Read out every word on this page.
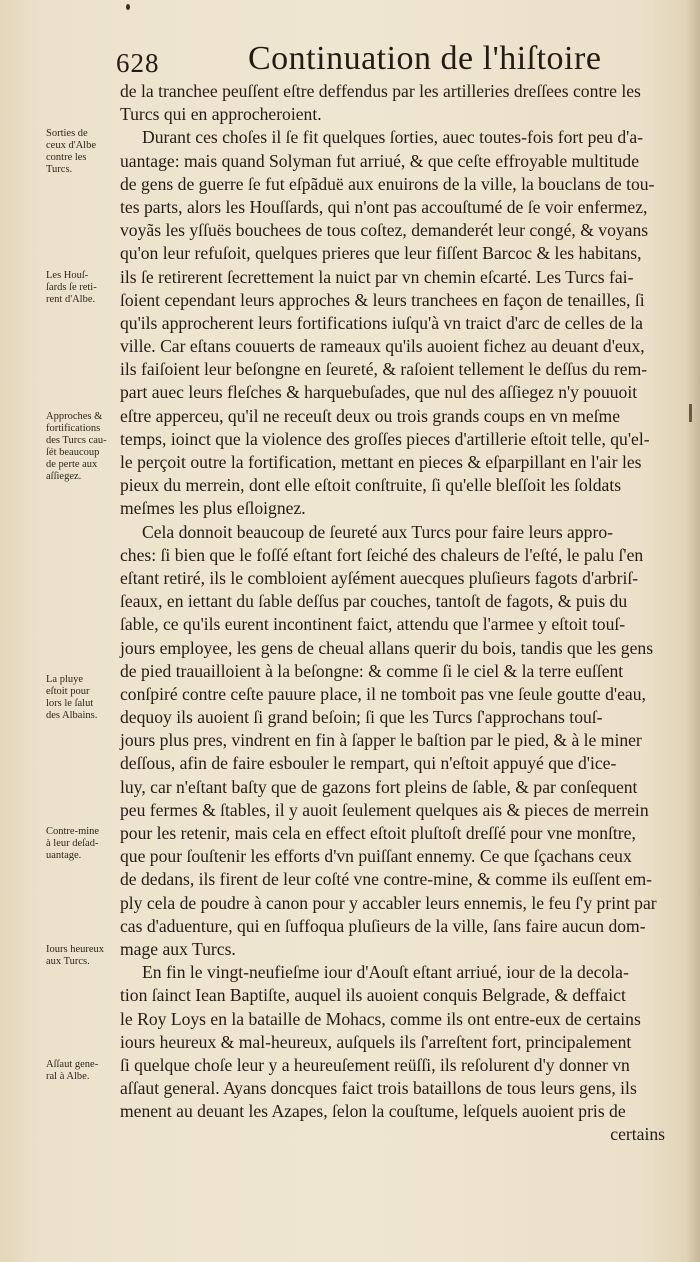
628	Continuation de l'hiſtoire
Sorties de
ceux d'Albe
contre les
Turcs.
Les Houſ-
ſards ſe reti-
rent d'Albe.
Approches &
fortifications
des Turcs cau-
ſét beaucoup
de perte aux
aſſiegez.
La pluye
eſtoit pour
lors le ſalut
des Albains.
Contre-mine
à leur deſad-
uantage.
Iours heureux
aux Turcs.
Aſſaut gene-
ral à Albe.
de la tranchee peuſſent eſtre deffendus par les artilleries dreſſees contre les
Turcs qui en approcheroient.
Durant ces choſes il ſe fit quelques ſorties, auec toutes-fois fort peu d'a-
uantage: mais quand Solyman fut arriué, & que ceſte effroyable multitude
de gens de guerre ſe fut eſpãduë aux enuirons de la ville, la bouclans de tou-
tes parts, alors les Houſſards, qui n'ont pas accouſtumé de ſe voir enfermez,
voyãs les yſſuës bouchees de tous coſtez, demanderét leur congé, & voyans
qu'on leur refuſoit, quelques prieres que leur fiſſent Barcoc & les habitans,
ils ſe retirerent ſecrettement la nuict par vn chemin eſcarté. Les Turcs fai-
ſoient cependant leurs approches & leurs tranchees en façon de tenailles, ſi
qu'ils approcherent leurs fortifications iuſqu'à vn traict d'arc de celles de la
ville. Car eſtans couuerts de rameaux qu'ils auoient fichez au deuant d'eux,
ils faiſoient leur beſongne en ſeureté, & raſoient tellement le deſſus du rem-
part auec leurs fleſches & harquebuſades, que nul des aſſiegez n'y pouuoit
eſtre apperceu, qu'il ne receuſt deux ou trois grands coups en vn meſme
temps, ioinct que la violence des groſſes pieces d'artillerie eſtoit telle, qu'el-
le perçoit outre la fortification, mettant en pieces & eſparpillant en l'air les
pieux du merrein, dont elle eſtoit conſtruite, ſi qu'elle bleſſoit les ſoldats
meſmes les plus eſloignez.
Cela donnoit beaucoup de ſeureté aux Turcs pour faire leurs appro-
ches: ſi bien que le foſſé eſtant fort ſeiché des chaleurs de l'eſté, le palu ſ'en
eſtant retiré, ils le combloient ayſément auecques pluſieurs fagots d'arbriſ-
ſeaux, en iettant du ſable deſſus par couches, tantoſt de fagots, & puis du
ſable, ce qu'ils eurent incontinent faict, attendu que l'armee y eſtoit touſ-
jours employee, les gens de cheual allans querir du bois, tandis que les gens
de pied trauailloient à la beſongne: & comme ſi le ciel & la terre euſſent
conſpiré contre ceſte pauure place, il ne tomboit pas vne ſeule goutte d'eau,
dequoy ils auoient ſi grand beſoin; ſi que les Turcs ſ'approchans touſ-
jours plus pres, vindrent en fin à ſapper le baſtion par le pied, & à le miner
deſſous, afin de faire esbouler le rempart, qui n'eſtoit appuyé que d'ice-
luy, car n'eſtant baſty que de gazons fort pleins de ſable, & par conſequent
peu fermes & ſtables, il y auoit ſeulement quelques ais & pieces de merrein
pour les retenir, mais cela en effect eſtoit pluſtoſt dreſſé pour vne monſtre,
que pour ſouſtenir les efforts d'vn puiſſant ennemy. Ce que ſçachans ceux
de dedans, ils firent de leur coſté vne contre-mine, & comme ils euſſent em-
ply cela de poudre à canon pour y accabler leurs ennemis, le feu ſ'y print par
cas d'aduenture, qui en ſuffoqua pluſieurs de la ville, ſans faire aucun dom-
mage aux Turcs.
En fin le vingt-neufieſme iour d'Aouſt eſtant arriué, iour de la decola-
tion ſainct Iean Baptiſte, auquel ils auoient conquis Belgrade, & deffaict
le Roy Loys en la bataille de Mohacs, comme ils ont entre-eux de certains
iours heureux & mal-heureux, auſquels ils ſ'arreſtent fort, principalement
ſi quelque choſe leur y a heureuſement reüſſi, ils reſolurent d'y donner vn
aſſaut general. Ayans doncques faict trois bataillons de tous leurs gens, ils
menent au deuant les Azapes, ſelon la couſtume, leſquels auoient pris de
certains
